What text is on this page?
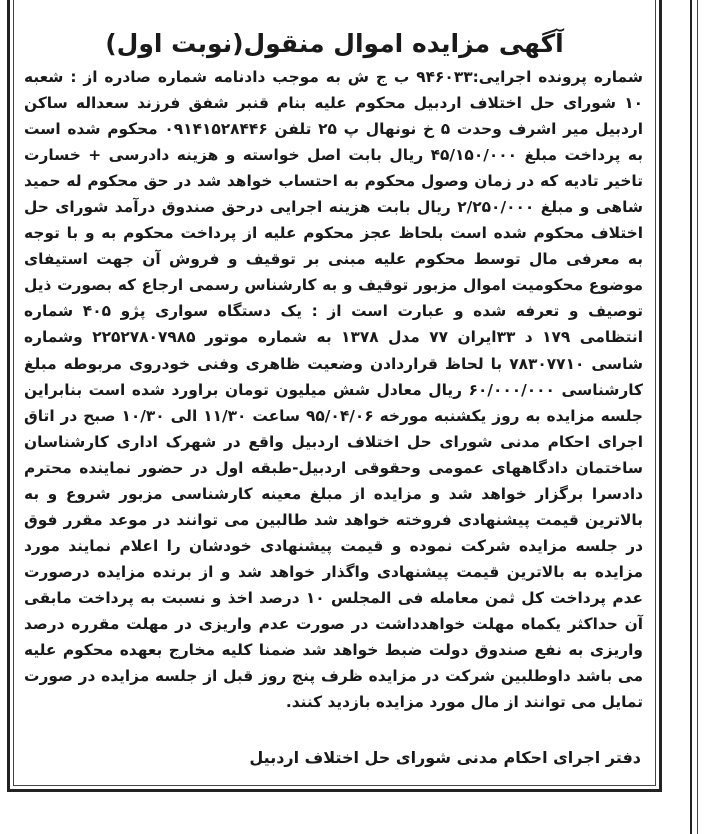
آگهی مزایده اموال منقول(نوبت اول)
شماره پرونده اجرایی:۹۴۶۰۳۳ ب ج ش به موجب دادنامه شماره صادره از : شعبه ۱۰ شورای حل اختلاف اردبیل محکوم علیه بنام قنبر شفق فرزند سعداله ساکن اردبیل میر اشرف وحدت ۵ خ نونهال پ ۲۵ تلفن ۰۹۱۴۱۵۲۸۴۴۶ محکوم شده است به پرداخت مبلغ ۴۵/۱۵۰/۰۰۰ ریال بابت اصل خواسته و هزینه دادرسی + خسارت تاخیر تادیه که در زمان وصول محکوم به احتساب خواهد شد در حق محکوم له حمید شاهی و مبلغ ۲/۲۵۰/۰۰۰ ریال بابت هزینه اجرایی درحق صندوق درآمد شورای حل اختلاف محکوم شده است بلحاظ عجز محکوم علیه از پرداخت محکوم به و با توجه به معرفی مال توسط محکوم علیه مبنی بر توقیف و فروش آن جهت استیفای موضوع محکومیت اموال مزبور توقیف و به کارشناس رسمی ارجاع که بصورت ذیل توصیف و تعرفه شده و عبارت است از : یک دستگاه سواری پژو ۴۰۵ شماره انتظامی ۱۷۹ د ۳۳ایران ۷۷ مدل ۱۳۷۸ به شماره موتور ۲۲۵۲۷۸۰۷۹۸۵ وشماره شاسی ۷۸۳۰۷۷۱۰ با لحاظ قراردادن وضعیت ظاهری وفنی خودروی مربوطه مبلغ کارشناسی ۶۰/۰۰۰/۰۰۰ ریال معادل شش میلیون تومان براورد شده است بنابراین جلسه مزایده به روز یکشنبه مورخه ۹۵/۰۴/۰۶ ساعت ۱۱/۳۰ الی ۱۰/۳۰ صبح در اتاق اجرای احکام مدنی شورای حل اختلاف اردبیل واقع در شهرک اداری کارشناسان ساختمان دادگاههای عمومی وحقوقی اردبیل-طبقه اول در حضور نماینده محترم دادسرا برگزار خواهد شد و مزایده از مبلغ معینه کارشناسی مزبور شروع و به بالاترین قیمت پیشنهادی فروخته خواهد شد طالبین می توانند در موعد مقرر فوق در جلسه مزایده شرکت نموده و قیمت پیشنهادی خودشان را اعلام نمایند مورد مزایده به بالاترین قیمت پیشنهادی واگذار خواهد شد و از برنده مزایده درصورت عدم پرداخت کل ثمن معامله فی المجلس ۱۰ درصد اخذ و نسبت به پرداخت مابقی آن حداکثر یکماه مهلت خواهدداشت در صورت عدم واریزی در مهلت مقرره درصد واریزی به نفع صندوق دولت ضبط خواهد شد ضمنا کلیه مخارج بعهده محکوم علیه می باشد داوطلبین شرکت در مزایده ظرف پنج روز قبل از جلسه مزایده در صورت تمایل می توانند از مال مورد مزایده بازدید کنند.
دفتر اجرای احکام مدنی شورای حل اختلاف اردبیل
